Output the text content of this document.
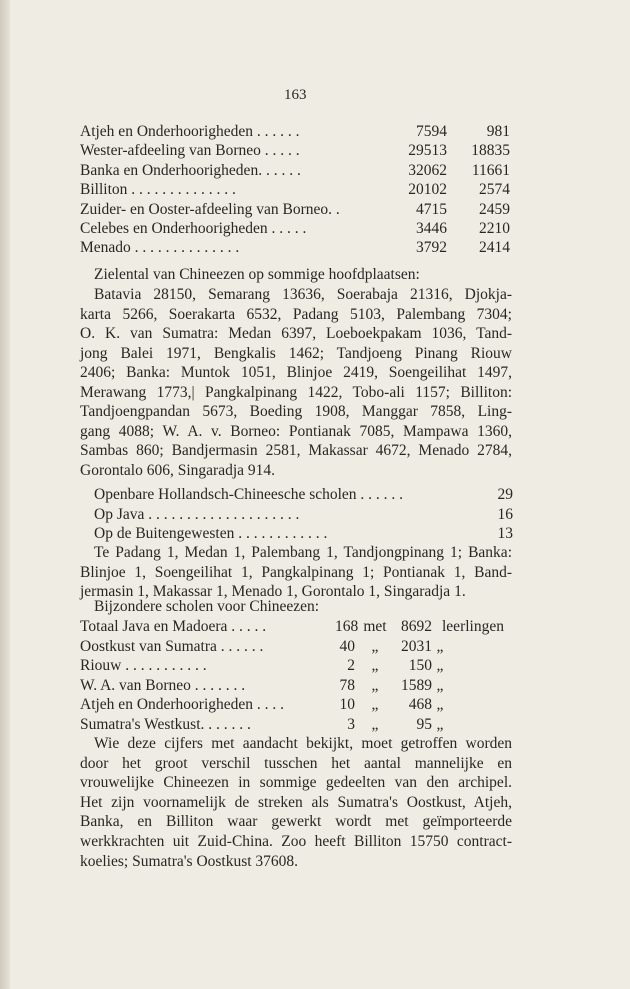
163
Atjeh en Onderhoorigheden . . . . . .	7594	981
Wester-afdeeling van Borneo . . . . .	29513 18835
Banka en Onderhoorigheden. . . . . .	32062 11661
Billiton . . . . . . . . . . . . . .	20102 2574
Zuider- en Ooster-afdeeling van Borneo. .	4715 2459
Celebes en Onderhoorigheden . . . . .	3446 2210
Menado . . . . . . . . . . . . . .	3792 2414
Zielental van Chineezen op sommige hoofdplaatsen:
Batavia 28150, Semarang 13636, Soerabaja 21316, Djokja-
karta 5266, Soerakarta 6532, Padang 5103, Palembang 7304;
O. K. van Sumatra: Medan 6397, Loeboekpakam 1036, Tand-
jong Balei 1971, Bengkalis 1462; Tandjoeng Pinang Riouw
2406; Banka: Muntok 1051, Blinjoe 2419, Soengeilihat 1497,
Merawang 1773,| Pangkalpinang 1422, Tobo-ali 1157; Billiton:
Tandjoengpandan 5673, Boeding 1908, Manggar 7858, Ling-
gang 4088; W. A. v. Borneo: Pontianak 7085, Mampawa 1360,
Sambas 860; Bandjermasin 2581, Makassar 4672, Menado 2784,
Gorontalo 606, Singaradja 914.
Openbare Hollandsch-Chineesche scholen . . . . . .	29
Op Java . . . . . . . . . . . . . . . . . . . .	16
Op de Buitengewesten . . . . . . . . . . . .	13
Te Padang 1, Medan 1, Palembang 1, Tandjongpinang 1; Banka:
Blinjoe 1, Soengeilihat 1, Pangkalpinang 1; Pontianak 1, Band-
jermasin 1, Makassar 1, Menado 1, Gorontalo 1, Singaradja 1.
Bijzondere scholen voor Chineezen:
Totaal Java en Madoera . . . . .	168 met 8692 leerlingen
Oostkust van Sumatra . . . . . .	40	„	2031 „
Riouw . . . . . . . . . . .	2	„	150 „
W. A. van Borneo . . . . . . .	78	„	1589 „
Atjeh en Onderhoorigheden . . . .	10	„	468 „
Sumatra's Westkust. . . . . . .	3	„	95 „
Wie deze cijfers met aandacht bekijkt, moet getroffen worden
door het groot verschil tusschen het aantal mannelijke en
vrouwelijke Chineezen in sommige gedeelten van den archipel.
Het zijn voornamelijk de streken als Sumatra's Oostkust, Atjeh,
Banka, en Billiton waar gewerkt wordt met geïmporteerde
werkkrachten uit Zuid-China. Zoo heeft Billiton 15750 contract-
koelies; Sumatra's Oostkust 37608.
